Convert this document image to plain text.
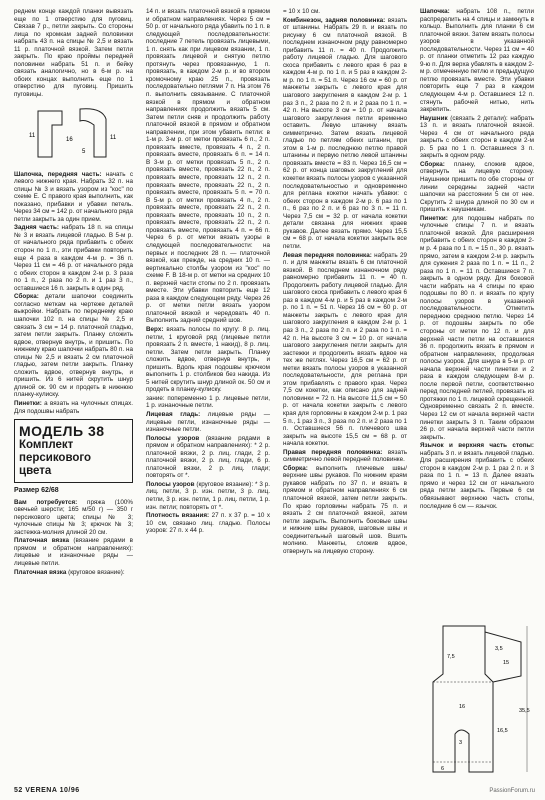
реднем конце каждой планки вывязать еще по 1 отверстию для пуговиц. Связав 7 р., петли закрыть. Со стороны лица по кромкам задней половинки набрать 43 п. на спицы № 2,5 и вязать 11 р. платочной вязкой. Затем петли закрыть. По краю проймы передней половинки набрать 51 п. и бейку связать аналогично, но в 6-м р. на обоих концах выполнить еще по 1 отверстию для пуговиц. Пришить пуговицы.

11
16
5
11

Шапочка, передняя часть: начать с левого нижнего края. Набрать 32 п. на спицы № 3 и вязать узором из "кос" по схеме Е. С правого края выполнить, как показано, прибавки и убавки петель. Через 34 см = 142 р. от начального ряда петли закрыть за один прием.

Задняя часть: набрать 18 п. на спицы № 3 и вязать лицевой гладью. В 5-м р. от начального ряда прибавить с обеих сторон по 1 п., эти прибавки повторить еще 4 раза в каждом 4-м р. = 36 п. Через 11 см = 46 р. от начального ряда с обеих сторон в каждом 2-м р. 3 раза по 1 п., 2 раза по 2 п. и 1 раз 3 п., оставшиеся 16 п. закрыть в один ряд.

Сборка: детали шапочки соединить согласно меткам на чертеже деталей выкройки. Набрать по переднему краю шапочки 102 п. на спицы № 2,5 и связать 3 см = 14 р. платочной гладью, затем петли закрыть. Планку сложить вдвое, отвернув внутрь, и пришить. По нижнему краю шапочки набрать 80 п. на спицы № 2,5 и вязать 2 см платочной гладью, затем петли закрыть. Планку сложить вдвое, отвернув внутрь, и пришить. Из 6 нитей скрутить шнур длиной ок. 90 см и продеть в нижнюю планку-кулиску.

Пинетки: а вязать на чулочных спицах. Для подошвы набрать

МОДЕЛЬ 38
Комплект
персикового
цвета
Размер 62/68

Вам потребуется: пряжа (100% овечьей шерсти; 165 м/50 г) — 350 г персикового цвета; спицы № 3; чулочные спицы № 3; крючок № 3; застежка-молния длиной 20 см.

Платочная вязка (вязание рядами в прямом и обратном направлениях): лицевые и изнаночные ряды — лицевые петли.

Платочная вязка (круговое вязание):

14 п. и вязать платочной вязкой в прямом и обратном направлениях. Через 5 см = 50 р. от начального ряда убавить по 1 п. в следующей последовательности: последние 7 петель провязать лицевыми, 1 п. снять как при лицевом вязании, 1 п. провязать лицевой и снятую петлю протянуть через провязанную, 1 п. провязать, в каждом 2-м р. и во втором кромочному краю 25 п., провязать последовательно петлями 7 п. На этом 76 п. выполнить связывание. С платочной вязкой в прямом и обратном направлениях продолжить вязать 5 см. Затем петли сняв и продолжить работу платочной вязкой в прямом и обратном направлении, при этом убавить петли: в 1-м р. 3-м р. от метки провязать 6 п., 2 п. провязать вместе, провязать 4 п., 2 п. провязать вместе, провязать 6 п. = 14 п. В 3-м р. от метки провязать 5 п., 2 п. провязать вместе, провязать 22 п., 2 п. провязать вместе, провязать 12 п., 2 п. провязать вместе, провязать 22 п., 2 п. провязать вместе, провязать 5 п. = 70 п. В 5-м р. от метки провязать 4 п., 2 п. провязать вместе, провязать 22 п., 2 п. провязать вместе, провязать 10 п., 2 п. провязать вместе, провязать 22 п., 2 п. провязать вместе, провязать 4 п. = 66 п. Через 6 р. от метки вязать узоры в следующей последовательности: на первых и последних 28 п. — платочной вязкой, как прежде, на средних 10 п. — вертикально столбы узором из "кос" по схеме F. В 18-м р. от метки на средних 10 п. верхней части стопы по 2 п. провязать вместе. Эти убавки повторить еще 12 раза в каждом следующем ряду. Через 26 р. от метки петли вязать узором платочной вязкой и чередовать 40 п. Выполнить задний средний шов.

Верх: вязать полосы по кругу: 8 р. лиц. петли, 1 круговой ряд (лицевые петли провязать 2 п. вместе, 1 накид), 8 р. лиц. петли. Затем петли закрыть. Планку сложить вдвое, отвернув внутрь, и пришить. Вдоль края подошвы крючком выполнить 1 р. столбиков без накида. Из 5 нитей скрутить шнур длиной ок. 50 см и продеть в планку-кулиску.

зание: попеременно 1 р. лицевые петли, 1 р. изнаночные петли.

Лицевая гладь: лицевые ряды — лицевые петли, изнаночные ряды — изнаночные петли.

Полосы узоров (вязание рядами в прямом и обратном направлениях): * 2 р. платочной вязки, 2 р. лиц. глади, 2 р. платочной вязки, 2 р. лиц. глади, 6 р. платочной вязки, 2 р. лиц. глади; повторять от *.

Полосы узоров (круговое вязание): * 3 р. лиц. петли, 3 р. изн. петли, 3 р. лиц. петли, 3 р. изн. петли, 1 р. лиц. петли, 1 р. изн. петли; повторять от *.

Плотность вязания: 27 п. х 37 р. = 10 х 10 см, связано лиц. гладью. Полосы узоров: 27 п. х 44 р.

= 10 х 10 см.

Комбинезон, задняя половинка: вязать от штанины. Набрать 29 п. и вязать по рисунку 6 см платочной вязкой. В последнем изнаночном ряду равномерно прибавить 11 п. = 40 п. Продолжить работу лицевой гладью. Для шагового скоса прибавить с левого края 6 раз в каждом 4-м р. по 1 п. и 5 раз в каждом 2-м р. по 1 п. = 51 п. Через 16 см = 60 р. от манжеты закрыть с левого края для шагового закругления в каждом 2-м р. 1 раз 3 п., 2 раза по 2 п. и 2 раза по 1 п. = 42 п. На высоте 3 см = 10 р. от начала шагового закругления петли временно оставить. Левую штанину вязать симметрично. Затем вязать лицевой гладью по петлям обеих штанин, при этом в 1-м р. последнюю петлю правой штанины и первую петлю левой штанины провязать вместе = 83 п. Через 16,5 см = 62 р. от конца шаговых закруглений для кокетки вязать полосы узоров с указанной последовательностью и одновременно для реглана кокетки начать убавки: с обеих сторон в каждом 2-м р. 6 раз по 1 п., 6 раз по 2 п. и 6 раз по 3 п. = 11 п. Через 7,5 см = 32 р. от начала кокетки детали связана для нижних краев рукавов. Далее вязать прямо. Через 15,5 см = 68 р. от начала кокетки закрыть все петли.

Левая передняя половинка: набрать 29 п. и для манжеты вязать 6 см платочной вязкой. В последнем изнаночном ряду равномерно прибавить 11 п. = 40 п. Продолжить работу лицевой гладью. Для шагового скоса прибавить с левого края 6 раз в каждом 4-м р. и 5 раз в каждом 2-м р. по 1 п. = 51 п. Через 16 см = 60 р. от манжеты закрыть с левого края для шагового закругления в каждом 2-м р. 1 раз 3 п., 2 раза по 2 п. и 2 раза по 1 п. = 42 п. На высоте 3 см = 10 р. от начала шагового закругления петли закрыть для застежки и продолжить вязать вдвое на тех же петлях. Через 16,5 см = 62 р. от метки вязать полосы узоров в указанной последовательности, для реглана при этом прибавлять с правого края. Через 7,5 см кокетки, как описано для задней половинки = 72 п. На высоте 11,5 см = 50 р. от начала кокетки закрыть с левого края для горловины в каждом 2-м р. 1 раз 5 п., 1 раз 3 п., 3 раза по 2 п. и 2 раза по 1 п. Оставшиеся 56 п. плечевого шва закрыть на высоте 15,5 см = 68 р. от начала кокетки.

Правая передняя половинка: вязать симметрично левой передней половинке.

Сборка: выполнить плечевые швы/верхние швы рукавов. По нижним краям рукавов набрать по 37 п. и вязать в прямом и обратном направлениях 6 см платочной вязкой, затем петли закрыть. По краю горловины набрать 75 п. и вязать 2 см платочной вязкой, затем петли закрыть. Выполнить боковые швы и нижние швы рукавов, шаговые швы и соединительный шаговый шов. Вшить молнию. Манжеты, сложив вдвое, отвернуть на лицевую сторону.

Шапочка: набрать 108 п., петли распределить на 4 спицы и замкнуть в кольцо. Выполнить для планки 6 см платочной вязки. Затем вязать полосы узоров в указанной последовательности. Через 11 см = 40 р. от планки отметить 12 раз каждую 9-ю п. Для верха убавлять в каждом 2-м р. отмеченную петлю и предыдущую петлю провязать вместе. Эти убавки повторить еще 7 раз в каждом следующем 4-м р. Оставшиеся 12 п. стянуть рабочей нитью, нить закрепить.

Наушник (связать 2 детали): набрать 13 п. и вязать платочной вязкой. Через 4 см от начального ряда закрыть с обеих сторон в каждом 2-м р. 5 раз по 1 п. Оставшиеся 3 п. закрыть в одном ряду.

Сборка: планку, сложив вдвое, отвернуть на лицевую сторону. Наушники пришить по обе стороны от линии середины задней части шапочки на расстоянии 5 см от нее. Скрутить 2 шнура длиной по 30 см и пришить к наушникам.

Пинетки: для подошвы набрать по чулочные спицы 7 п. и вязать платочной вязкой. Для расширения прибавить с обеих сторон в каждом 2-м р. 4 раза по 1 п. = 15 п., 30 р. вязать прямо, затем в каждом 2-м р. закрыть для сужения 2 раза по 1 п. = 11 п., 2 раза по 1 п. = 11 п. Оставшиеся 7 п. закрыть в одном ряду. Для боковой части набрать на 4 спицы по краю подошвы по 80 п. и вязать по кругу полосы узоров в указанной последовательности. Отметить переднюю среднюю петлю. Через 14 р. от подошвы закрыть по обе стороны от метки по 12 п. и для верхней части петли на оставшихся 36 п. продолжить вязать в прямом и обратном направлениях, продолжая полосы узоров. Для шнура в 5-м р. от начала верхней части пинетки и 2 раза в каждом следующем 8-м р. после первой петли, соответственно перед последней петлей, провязать из протяжки по 1 п. лицевой скрещенной. Одновременно связать 2 п. вместе. Через 12 см от начала верхней части пинетки закрыть 3 п. Таким образом 26 р. от начала верхней части петли закрыть.

Язычок и верхняя часть стопы: набрать 3 п. и вязать лицевой гладью. Для расширения прибавить с обеих сторон в каждом 2-м р. 1 раз 2 п. и 3 раза по 1 п. = 13 п. Далее вязать прямо и через 12 см от начального ряда петли закрыть. Первые 6 см обвязывают верхнюю часть стопы, последние 6 см — язычок.

3,5
35,5
16,5
7,5
16
3
6
15
52 VERENA 10/96	PassionForum.ru
